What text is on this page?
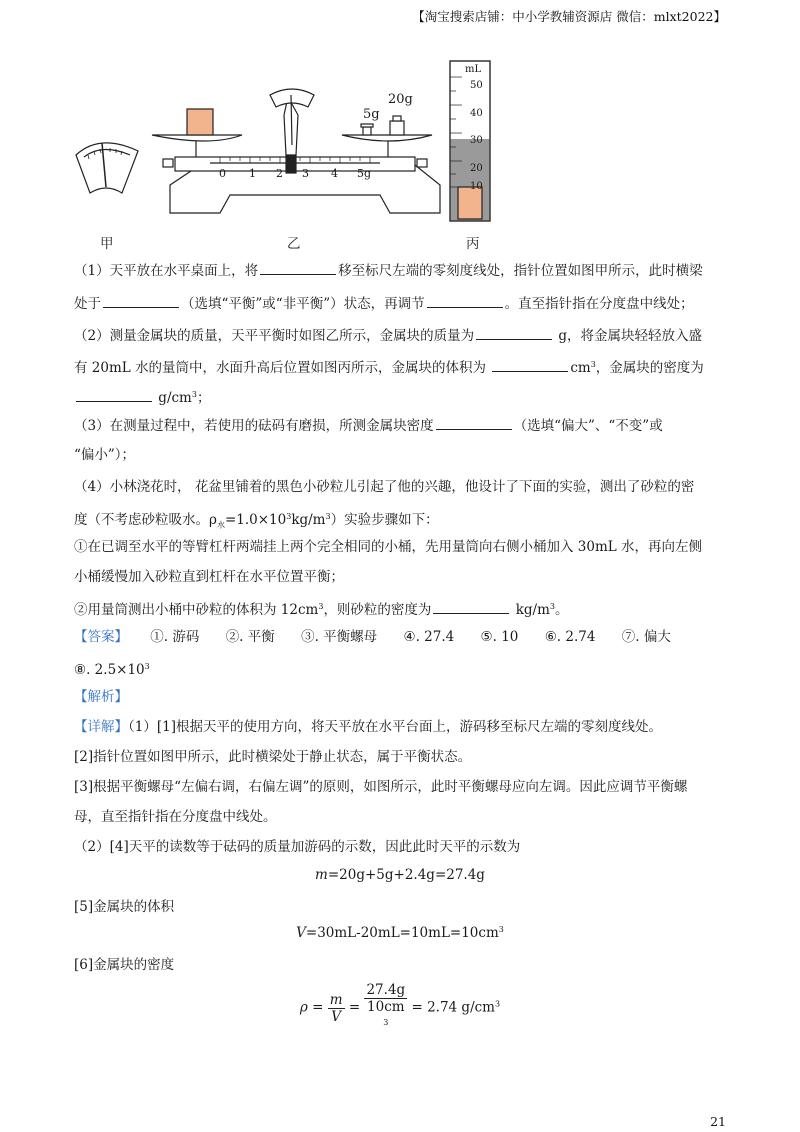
【淘宝搜索店铺：中小学教辅资源店 微信：mlxt2022】
0 1 2 3 4 5g
5g
20g
mL
50
40
30
20
10
甲	乙	丙
（1）天平放在水平桌面上，将	移至标尺左端的零刻度线处，指针位置如图甲所示，此时横梁
处于	（选填“平衡”或“非平衡”）状态，再调节	。直至指针指在分度盘中线处；
（2）测量金属块的质量，天平平衡时如图乙所示，金属块的质量为	g，将金属块轻轻放入盛
有 20mL 水的量筒中，水面升高后位置如图丙所示，金属块的体积为	$cm^3$，金属块的密度为
$g/cm^3$；
（3）在测量过程中，若使用的砝码有磨损，所测金属块密度	（选填“偏大”、“不变”或
“偏小”）；
（4）小林浇花时， 花盆里铺着的黑色小砂粒儿引起了他的兴趣，他设计了下面的实验，测出了砂粒的密
度（不考虑砂粒吸水。$\rho_水=1.0\times 10^3kg/m^3$）实验步骤如下：
①在已调至水平的等臂杠杆两端挂上两个完全相同的小桶，先用量筒向右侧小桶加入 30mL 水，再向左侧
小桶缓慢加入砂粒直到杠杆在水平位置平衡；
②用量筒测出小桶中砂粒的体积为 $12cm^3$，则砂粒的密度为	$kg/m^3$。
【答案】 ①. 游码 ②. 平衡 ③. 平衡螺母 ④. 27.4 ⑤. 10 ⑥. 2.74 ⑦. 偏大
⑧. $2.5\times 10^3$
【解析】
【详解】（1）[1]根据天平的使用方向，将天平放在水平台面上，游码移至标尺左端的零刻度线处。
[2]指针位置如图甲所示，此时横梁处于静止状态，属于平衡状态。
[3]根据平衡螺母“左偏右调，右偏左调”的原则，如图所示，此时平衡螺母应向左调。因此应调节平衡螺
母，直至指针指在分度盘中线处。
（2）[4]天平的读数等于砝码的质量加游码的示数，因此此时天平的示数为
m=20g+5g+2.4g=27.4g
[5]金属块的体积
$V=30mL-20mL=10mL=10cm^3$
[6]金属块的密度
$\rho = \frac{m}{V} = 27.4g$
10cm
$^3$ = 2.74 $g/cm^3$
21
